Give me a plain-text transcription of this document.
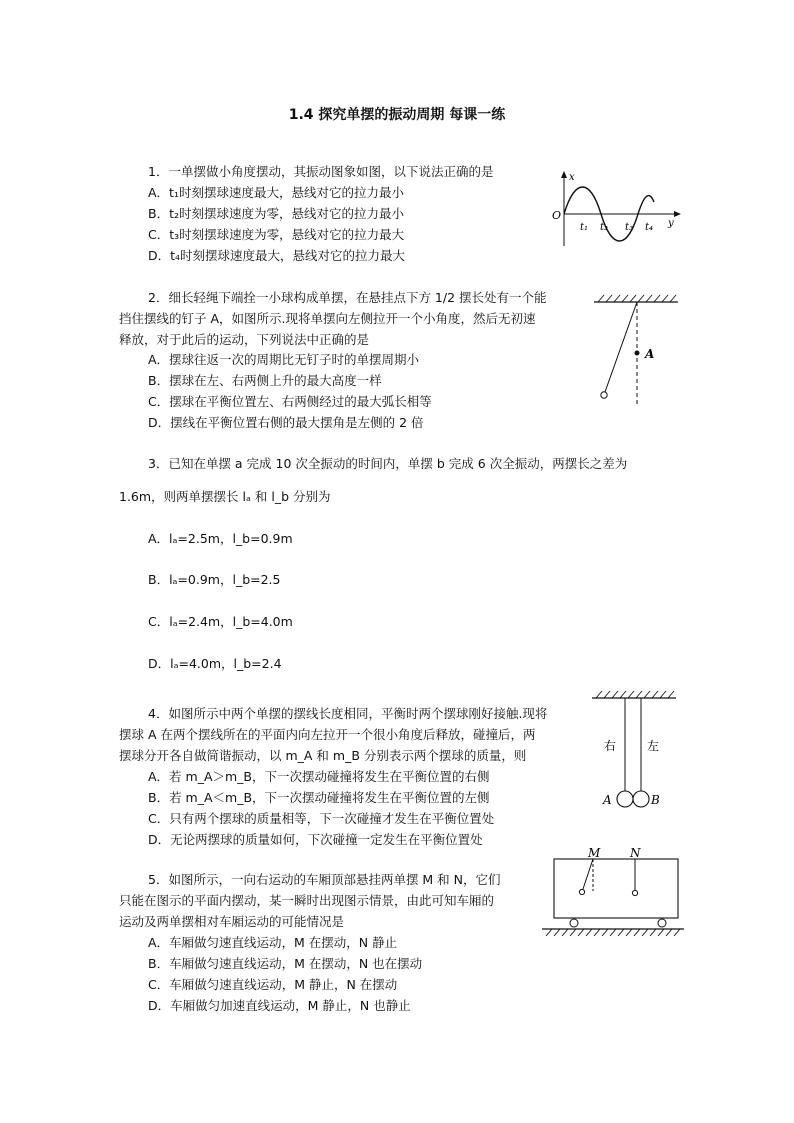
1.4 探究单摆的振动周期 每课一练
1．一单摆做小角度摆动，其振动图象如图，以下说法正确的是
A．t₁时刻摆球速度最大，悬线对它的拉力最小
B．t₂时刻摆球速度为零，悬线对它的拉力最小
C．t₃时刻摆球速度为零，悬线对它的拉力最大
D．t₄时刻摆球速度最大，悬线对它的拉力最大
x
O
y
t₁ t₂ t₃ t₄
2．细长轻绳下端拴一小球构成单摆，在悬挂点下方 1/2 摆长处有一个能
挡住摆线的钉子 A，如图所示.现将单摆向左侧拉开一个小角度，然后无初速
释放，对于此后的运动，下列说法中正确的是
A．摆球往返一次的周期比无钉子时的单摆周期小
B．摆球在左、右两侧上升的最大高度一样
C．摆球在平衡位置左、右两侧经过的最大弧长相等
D．摆线在平衡位置右侧的最大摆角是左侧的 2 倍
A
3．已知在单摆 a 完成 10 次全振动的时间内，单摆 b 完成 6 次全振动，两摆长之差为
1.6m，则两单摆摆长 lₐ 和 l_b 分别为
A．lₐ=2.5m，l_b=0.9m
B．lₐ=0.9m，l_b=2.5
C．lₐ=2.4m，l_b=4.0m
D．lₐ=4.0m，l_b=2.4
4．如图所示中两个单摆的摆线长度相同，平衡时两个摆球刚好接触.现将
摆球 A 在两个摆线所在的平面内向左拉开一个很小角度后释放，碰撞后，两
摆球分开各自做简谐振动，以 m_A 和 m_B 分别表示两个摆球的质量，则
A．若 m_A＞m_B，下一次摆动碰撞将发生在平衡位置的右侧
B．若 m_A＜m_B，下一次摆动碰撞将发生在平衡位置的左侧
C．只有两个摆球的质量相等，下一次碰撞才发生在平衡位置处
D．无论两摆球的质量如何，下次碰撞一定发生在平衡位置处
右	左
A	B
5．如图所示，一向右运动的车厢顶部悬挂两单摆 M 和 N，它们
只能在图示的平面内摆动，某一瞬时出现图示情景，由此可知车厢的
运动及两单摆相对车厢运动的可能情况是
A．车厢做匀速直线运动，M 在摆动，N 静止
B．车厢做匀速直线运动，M 在摆动，N 也在摆动
C．车厢做匀速直线运动，M 静止，N 在摆动
D．车厢做匀加速直线运动，M 静止，N 也静止
M N
